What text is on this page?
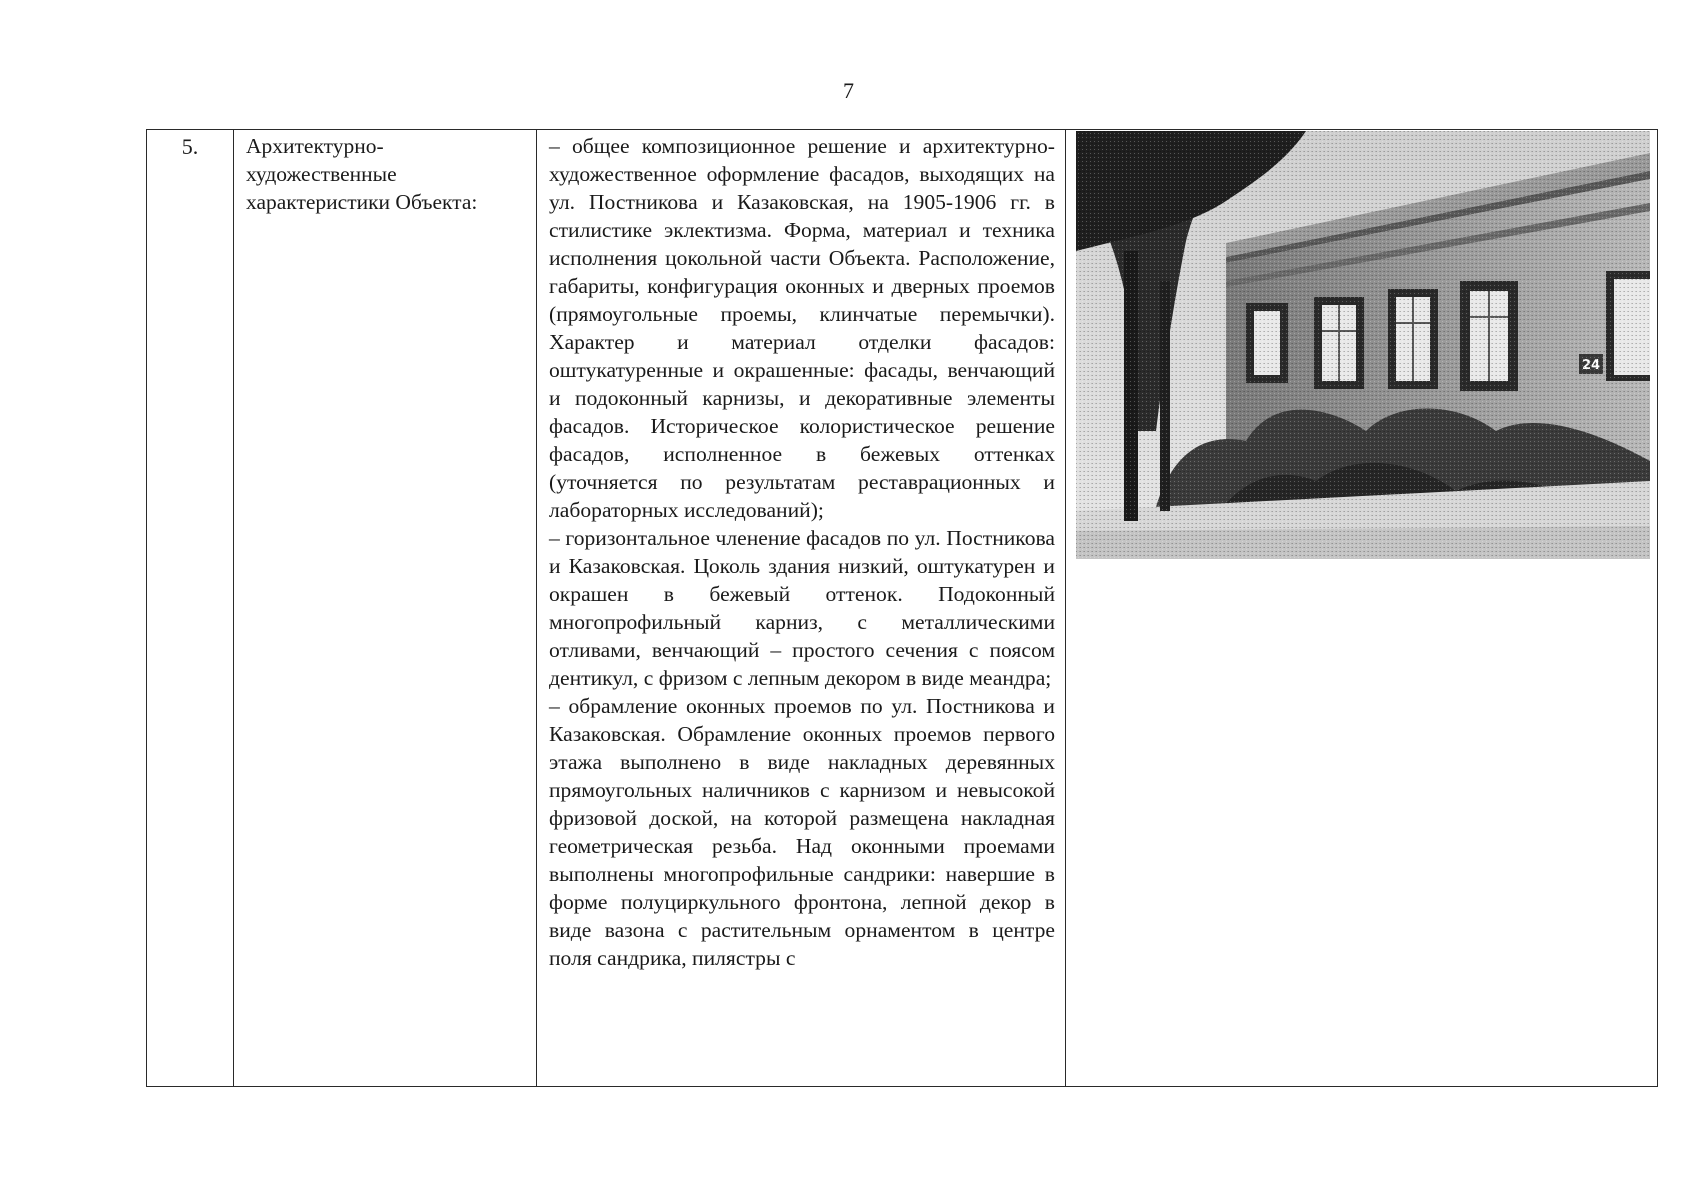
7
5.	Архитектурно-художественные характеристики Объекта:

– общее композиционное решение и архитектурно-художественное оформление фасадов, выходящих на ул. Постникова и Казаковская, на 1905-1906 гг. в стилистике эклектизма. Форма, материал и техника исполнения цокольной части Объекта. Расположение, габариты, конфигурация оконных и дверных проемов (прямоугольные проемы, клинчатые перемычки). Характер и материал отделки фасадов: оштукатуренные и окрашенные: фасады, венчающий и подоконный карнизы, и декоративные элементы фасадов. Историческое колористическое решение фасадов, исполненное в бежевых оттенках (уточняется по результатам реставрационных и лабораторных исследований);

– горизонтальное членение фасадов по ул. Постникова и Казаковская. Цоколь здания низкий, оштукатурен и окрашен в бежевый оттенок. Подоконный многопрофильный карниз, с металлическими отливами, венчающий – простого сечения с поясом дентикул, с фризом с лепным декором в виде меандра;

– обрамление оконных проемов по ул. Постникова и Казаковская. Обрамление оконных проемов первого этажа выполнено в виде накладных деревянных прямоугольных наличников с карнизом и невысокой фризовой доской, на которой размещена накладная геометрическая резьба. Над оконными проемами выполнены многопрофильные сандрики: навершие в форме полуциркульного фронтона, лепной декор в виде вазона с растительным орнаментом в центре поля сандрика, пилястры с
